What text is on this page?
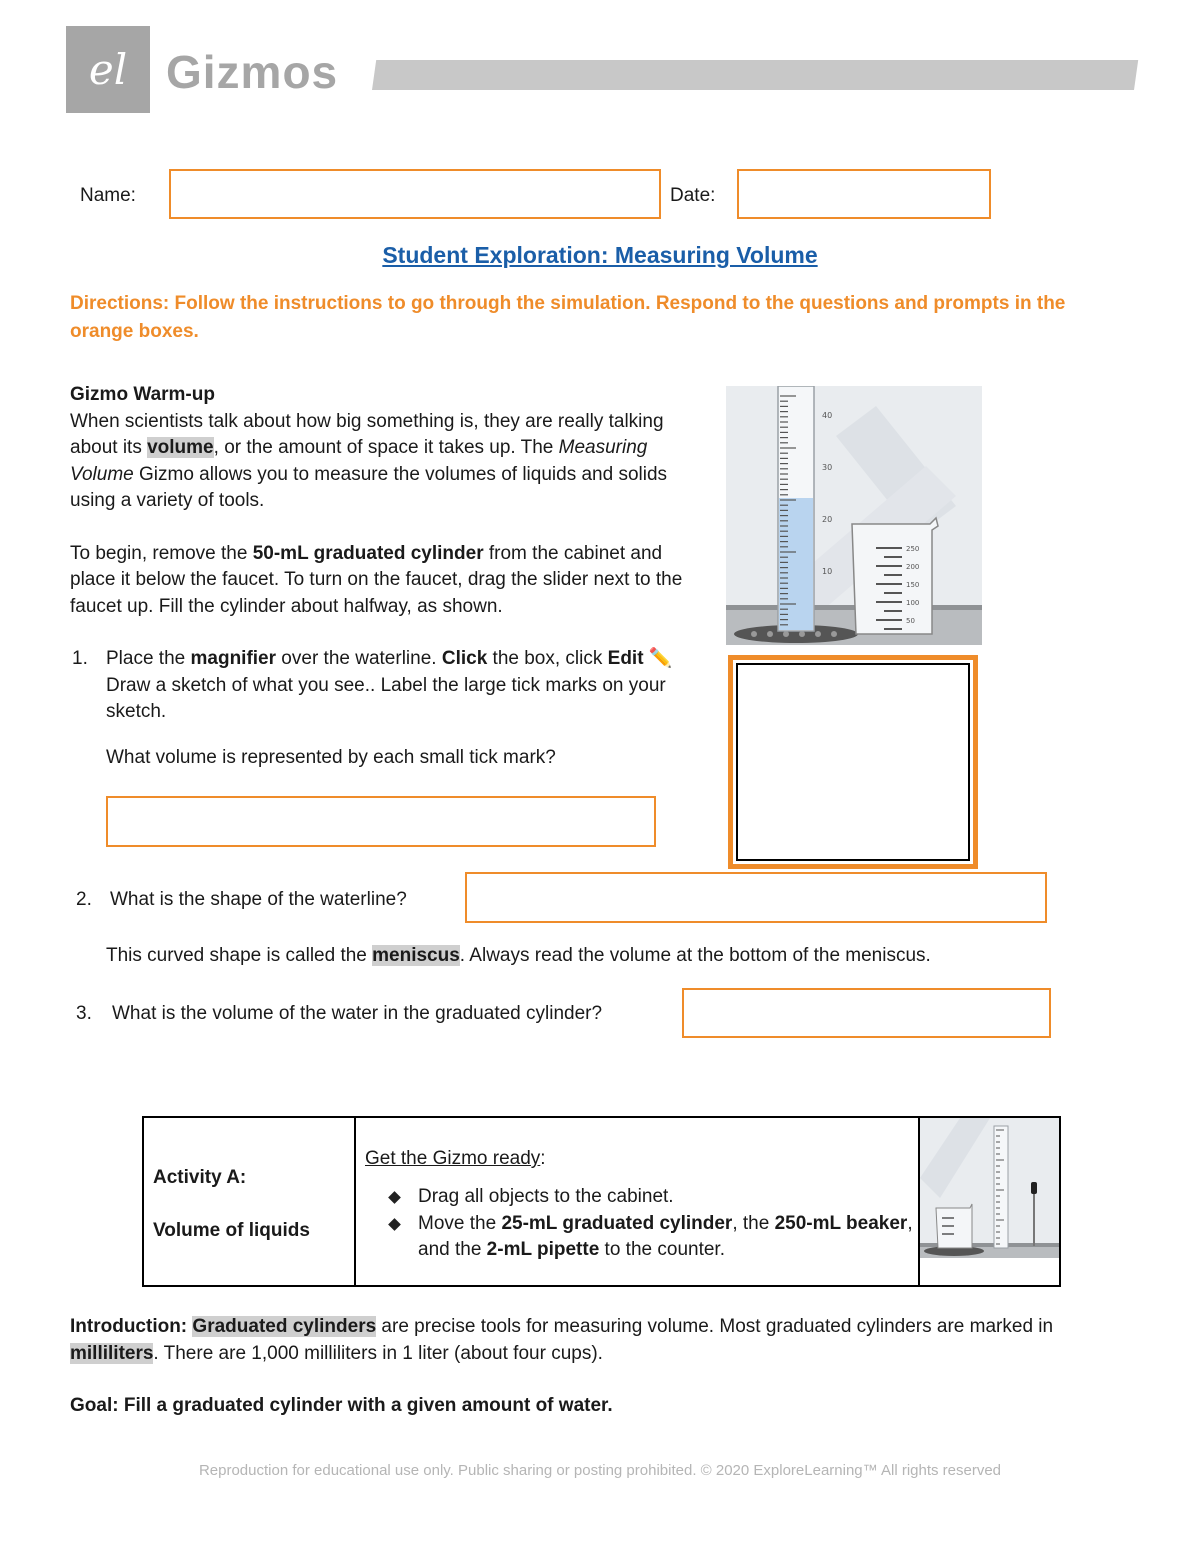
el Gizmos
Name:	Date:
Student Exploration: Measuring Volume
Directions: Follow the instructions to go through the simulation. Respond to the questions and prompts in the orange boxes.
Gizmo Warm-up
When scientists talk about how big something is, they are really talking about its volume, or the amount of space it takes up. The Measuring Volume Gizmo allows you to measure the volumes of liquids and solids using a variety of tools.
To begin, remove the 50-mL graduated cylinder from the cabinet and place it below the faucet. To turn on the faucet, drag the slider next to the faucet up. Fill the cylinder about halfway, as shown.
40
30
20
10
250
200
150
100
50
1. Place the magnifier over the waterline. Click the box, click Edit ✏️ Draw a sketch of what you see.. Label the large tick marks on your sketch.
What volume is represented by each small tick mark?
2. What is the shape of the waterline?
This curved shape is called the meniscus. Always read the volume at the bottom of the meniscus.
3. What is the volume of the water in the graduated cylinder?
Activity A:
Volume of liquids
Get the Gizmo ready:
Drag all objects to the cabinet.
Move the 25-mL graduated cylinder, the 250-mL beaker, and the 2-mL pipette to the counter.
Introduction: Graduated cylinders are precise tools for measuring volume. Most graduated cylinders are marked in milliliters. There are 1,000 milliliters in 1 liter (about four cups).
Goal: Fill a graduated cylinder with a given amount of water.
Reproduction for educational use only. Public sharing or posting prohibited. © 2020 ExploreLearning™ All rights reserved
